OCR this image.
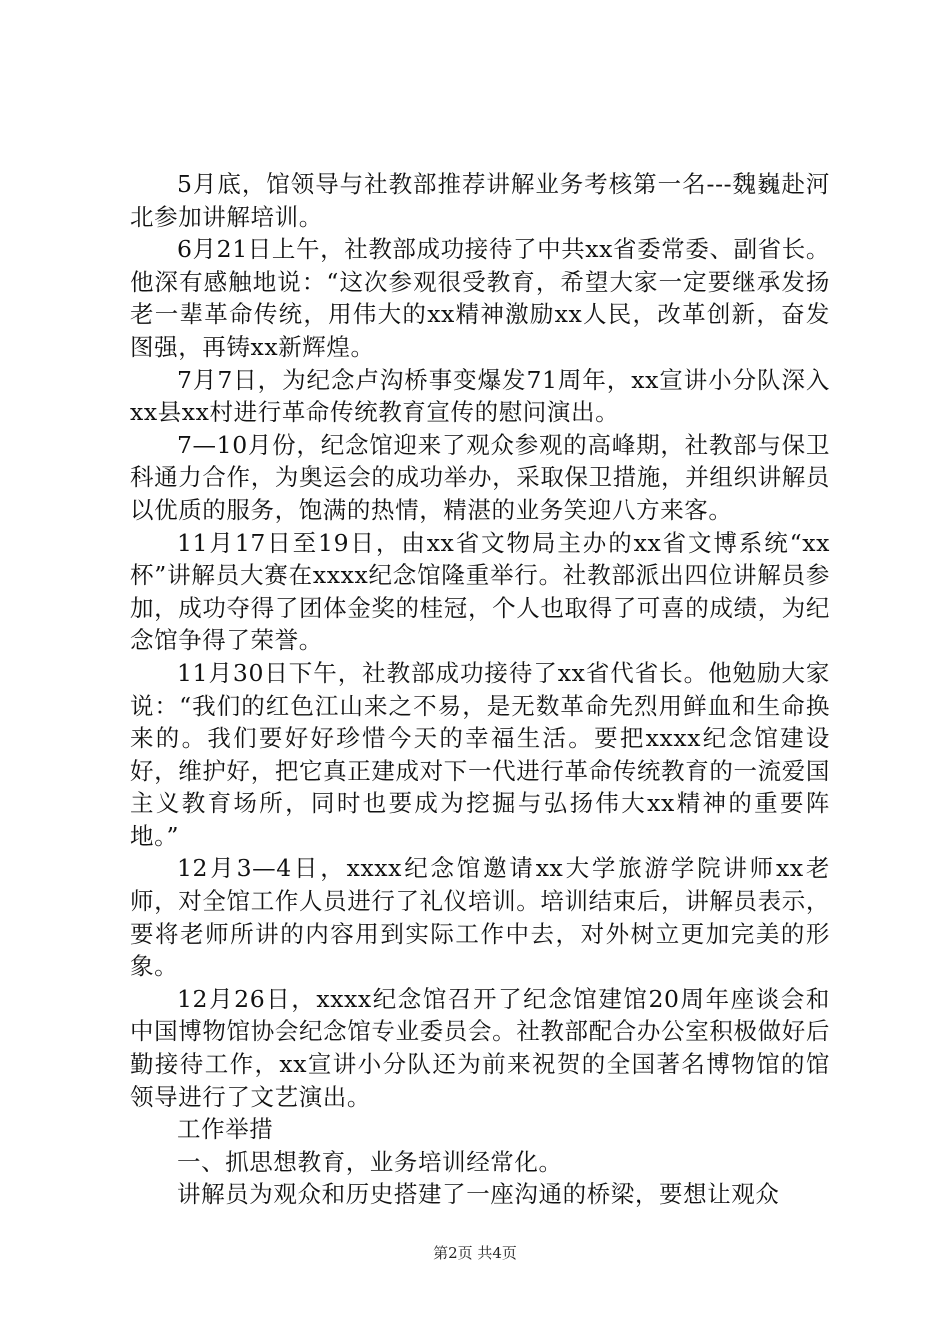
5月底，馆领导与社教部推荐讲解业务考核第一名---魏巍赴河北参加讲解培训。

6月21日上午，社教部成功接待了中共xx省委常委、副省长。他深有感触地说：“这次参观很受教育，希望大家一定要继承发扬老一辈革命传统，用伟大的xx精神激励xx人民，改革创新，奋发图强，再铸xx新辉煌。

7月7日，为纪念卢沟桥事变爆发71周年，xx宣讲小分队深入xx县xx村进行革命传统教育宣传的慰问演出。

7—10月份，纪念馆迎来了观众参观的高峰期，社教部与保卫科通力合作，为奥运会的成功举办，采取保卫措施，并组织讲解员以优质的服务，饱满的热情，精湛的业务笑迎八方来客。

11月17日至19日，由xx省文物局主办的xx省文博系统“xx杯”讲解员大赛在xxxx纪念馆隆重举行。社教部派出四位讲解员参加，成功夺得了团体金奖的桂冠，个人也取得了可喜的成绩，为纪念馆争得了荣誉。

11月30日下午，社教部成功接待了xx省代省长。他勉励大家说：“我们的红色江山来之不易，是无数革命先烈用鲜血和生命换来的。我们要好好珍惜今天的幸福生活。要把xxxx纪念馆建设好，维护好，把它真正建成对下一代进行革命传统教育的一流爱国主义教育场所，同时也要成为挖掘与弘扬伟大xx精神的重要阵地。”

12月3—4日，xxxx纪念馆邀请xx大学旅游学院讲师xx老师，对全馆工作人员进行了礼仪培训。培训结束后，讲解员表示，要将老师所讲的内容用到实际工作中去，对外树立更加完美的形象。

12月26日，xxxx纪念馆召开了纪念馆建馆20周年座谈会和中国博物馆协会纪念馆专业委员会。社教部配合办公室积极做好后勤接待工作，xx宣讲小分队还为前来祝贺的全国著名博物馆的馆领导进行了文艺演出。

工作举措

一、抓思想教育，业务培训经常化。

讲解员为观众和历史搭建了一座沟通的桥梁，要想让观众

第2页 共4页
